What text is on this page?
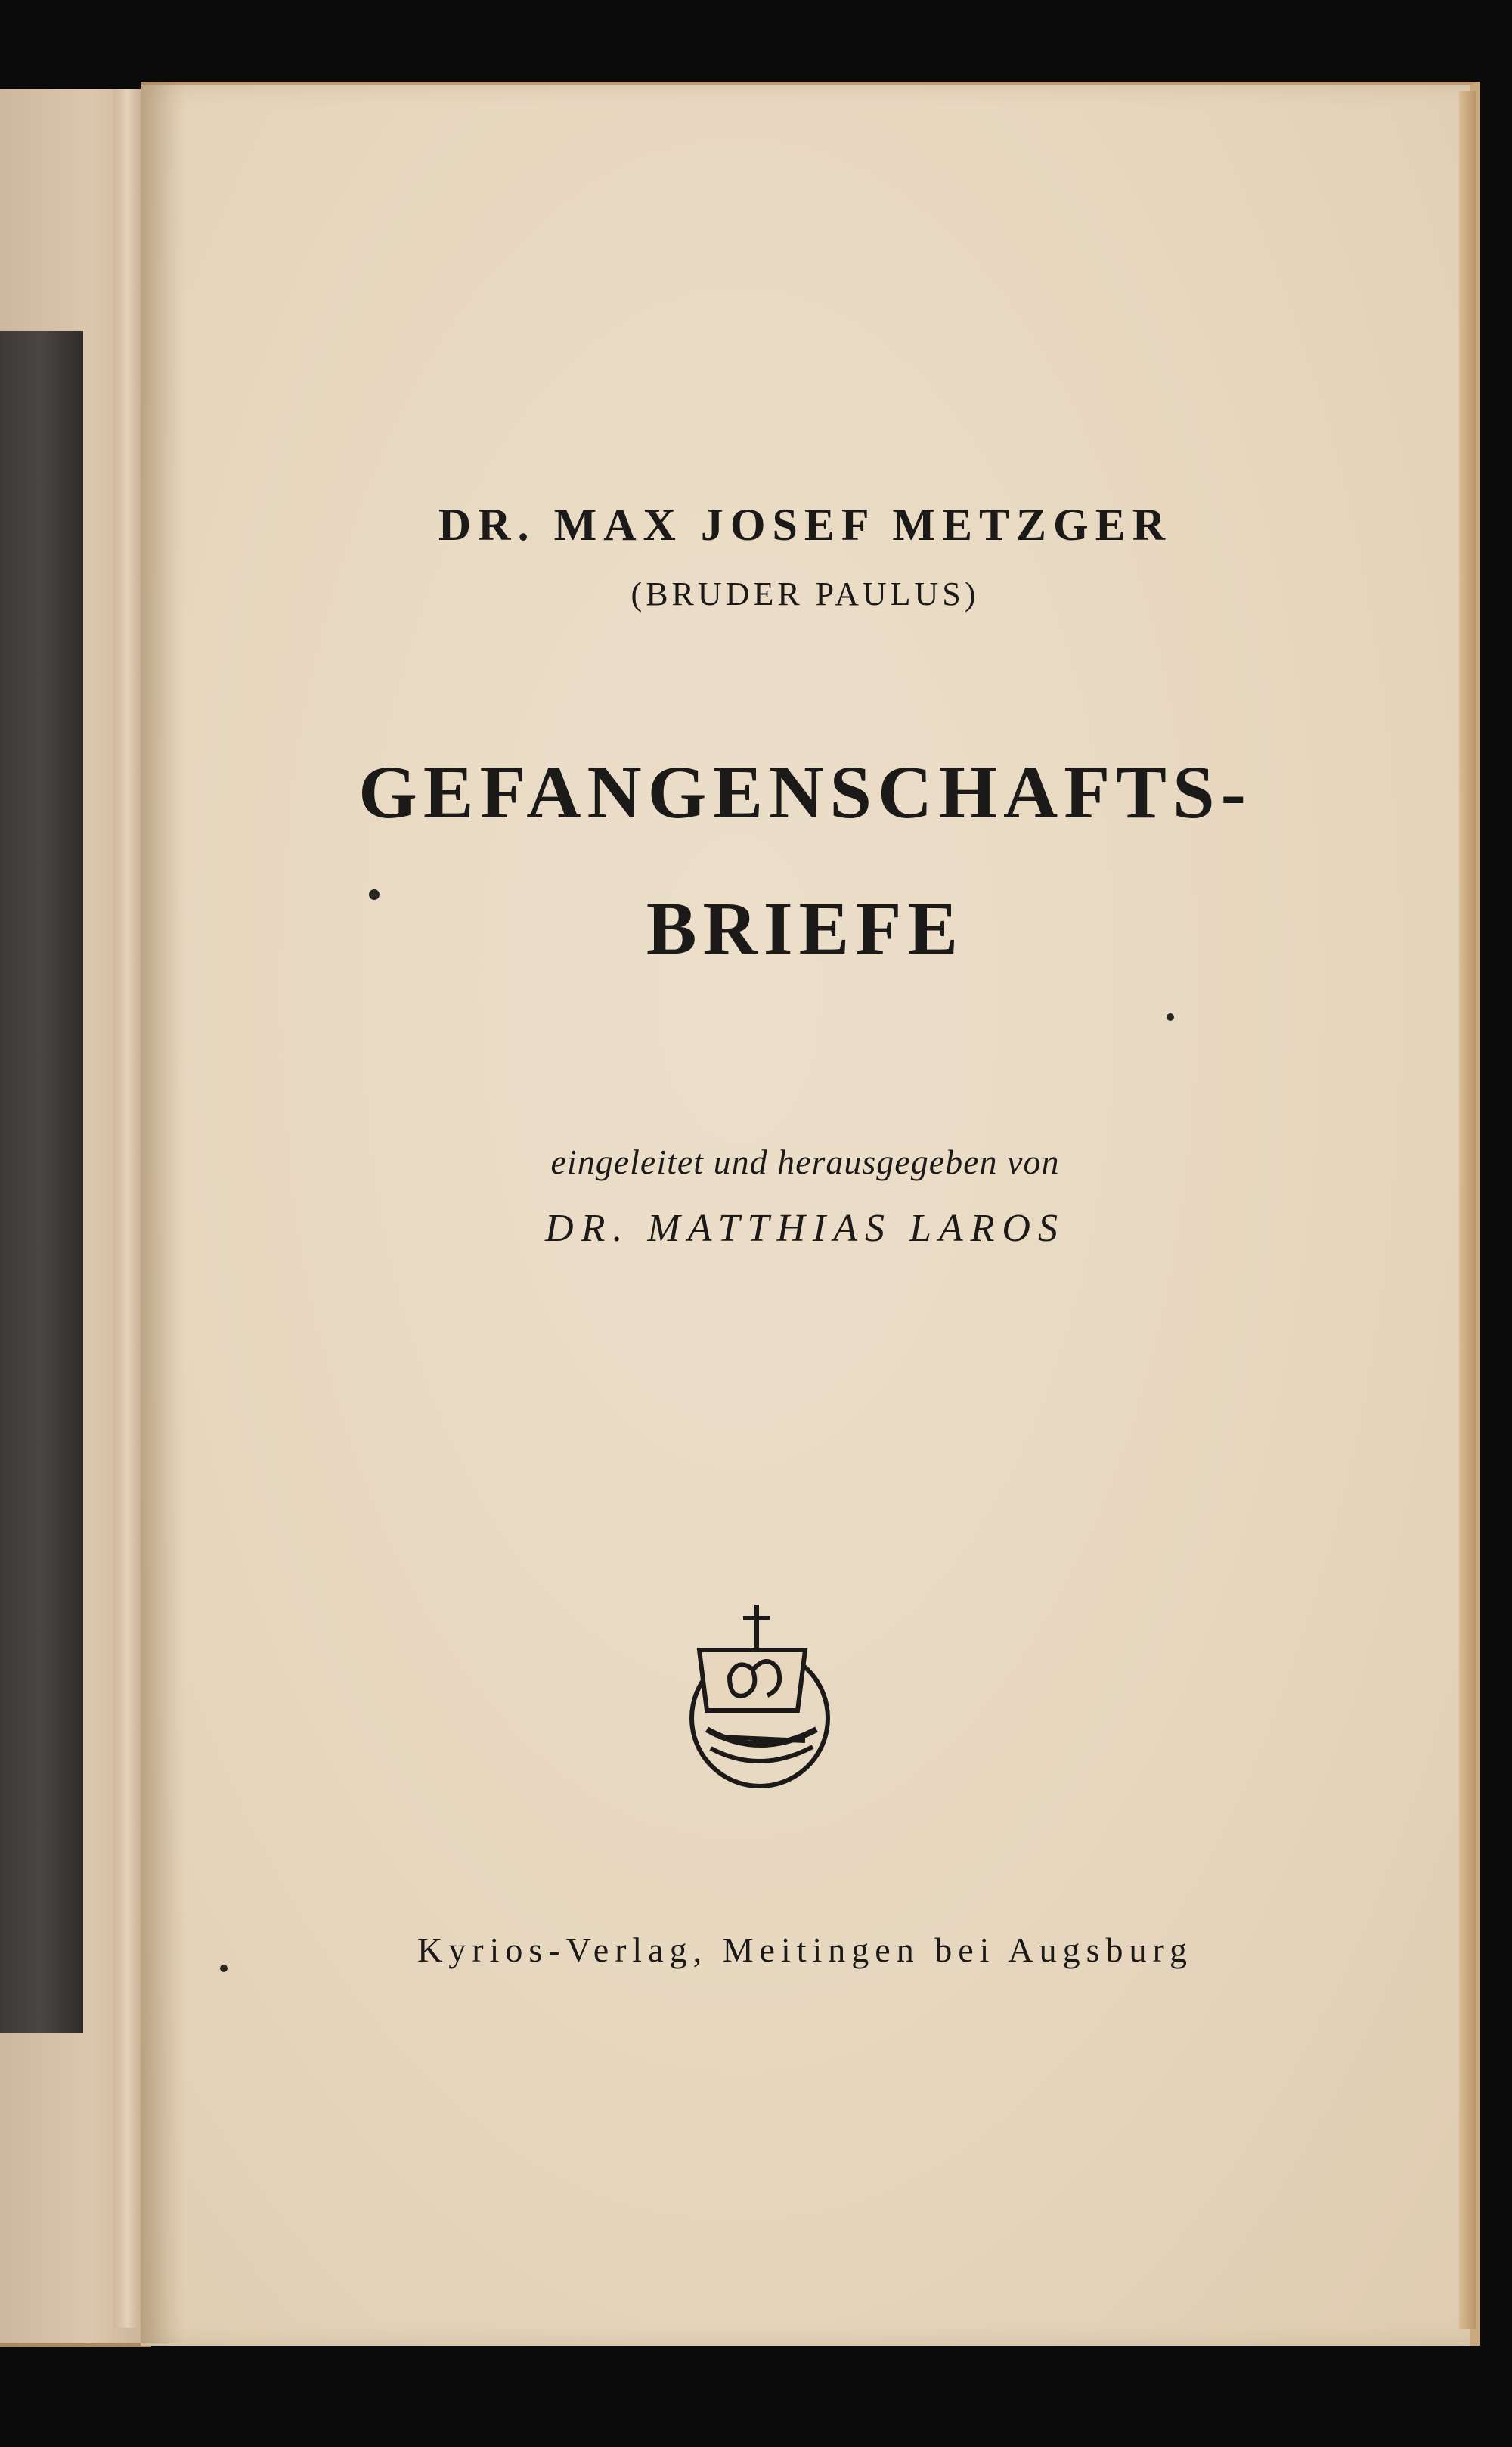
DR. MAX JOSEF METZGER
(BRUDER PAULUS)
GEFANGENSCHAFTS-
BRIEFE
eingeleitet und herausgegeben von
DR. MATTHIAS LAROS
Kyrios-Verlag, Meitingen bei Augsburg
